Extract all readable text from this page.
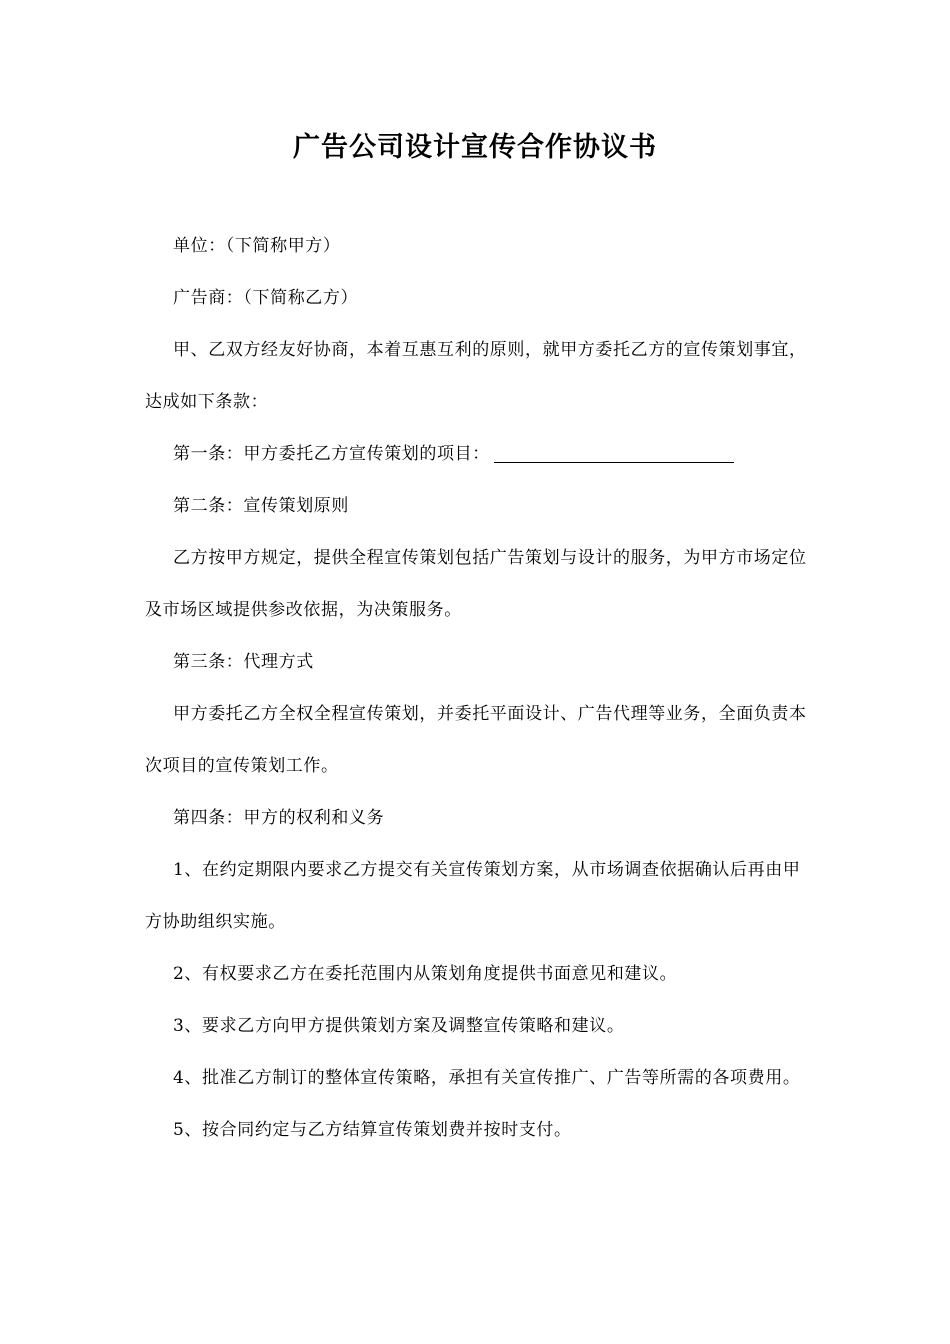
广告公司设计宣传合作协议书

单位：（下简称甲方）

广告商：（下简称乙方）

甲、乙双方经友好协商，本着互惠互利的原则，就甲方委托乙方的宣传策划事宜，达成如下条款：

第一条：甲方委托乙方宣传策划的项目：

第二条：宣传策划原则

乙方按甲方规定，提供全程宣传策划包括广告策划与设计的服务，为甲方市场定位及市场区域提供参改依据，为决策服务。

第三条：代理方式

甲方委托乙方全权全程宣传策划，并委托平面设计、广告代理等业务，全面负责本次项目的宣传策划工作。

第四条：甲方的权利和义务

1、在约定期限内要求乙方提交有关宣传策划方案，从市场调查依据确认后再由甲方协助组织实施。

2、有权要求乙方在委托范围内从策划角度提供书面意见和建议。

3、要求乙方向甲方提供策划方案及调整宣传策略和建议。

4、批准乙方制订的整体宣传策略，承担有关宣传推广、广告等所需的各项费用。

5、按合同约定与乙方结算宣传策划费并按时支付。
